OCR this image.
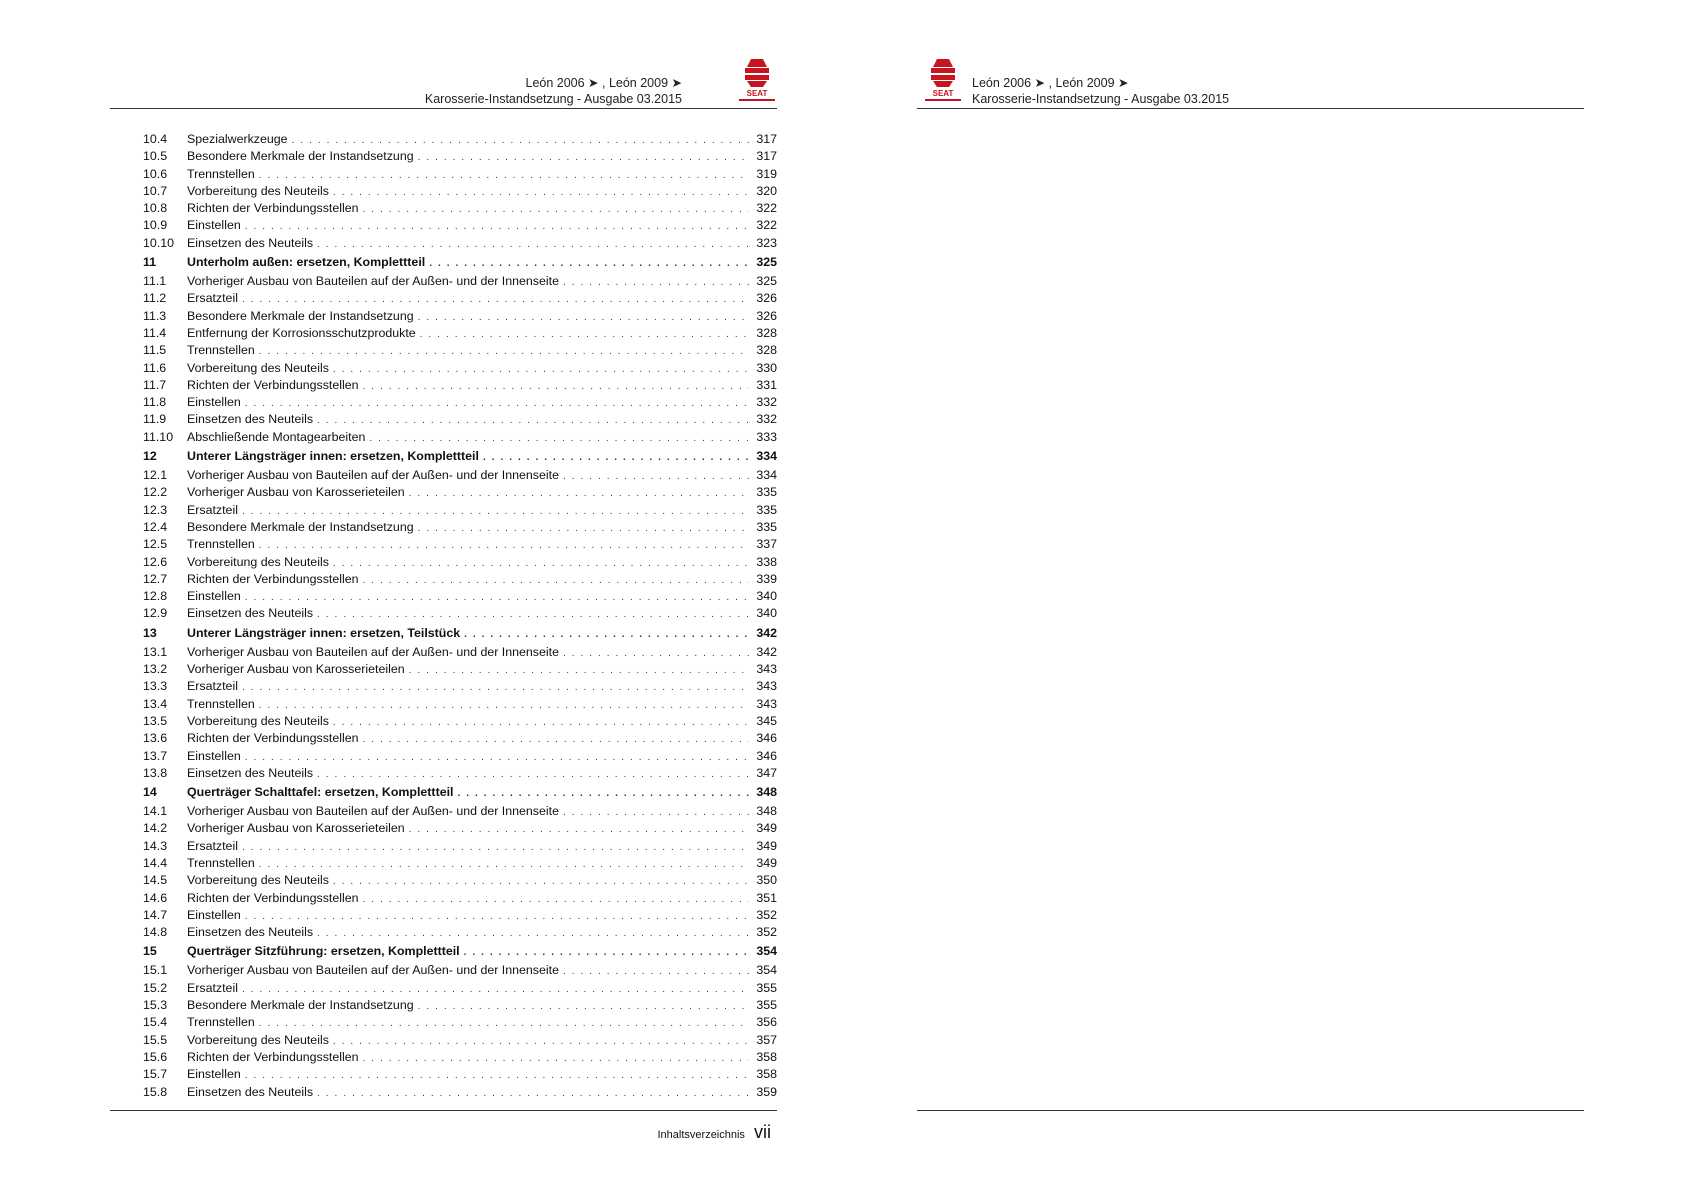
León 2006 ➤ , León 2009 ➤
Karosserie-Instandsetzung - Ausgabe 03.2015	SEAT
10.4	Spezialwerkzeuge . . .	317
10.5	Besondere Merkmale der Instandsetzung . . .	317
10.6	Trennstellen . . .	319
10.7	Vorbereitung des Neuteils . . .	320
10.8	Richten der Verbindungsstellen . . .	322
10.9	Einstellen . . .	322
10.10	Einsetzen des Neuteils . . .	323
11	Unterholm außen: ersetzen, Komplettteil . . .	325
11.1	Vorheriger Ausbau von Bauteilen auf der Außen- und der Innenseite . . .	325
11.2	Ersatzteil . . .	326
11.3	Besondere Merkmale der Instandsetzung . . .	326
11.4	Entfernung der Korrosionsschutzprodukte . . .	328
11.5	Trennstellen . . .	328
11.6	Vorbereitung des Neuteils . . .	330
11.7	Richten der Verbindungsstellen . . .	331
11.8	Einstellen . . .	332
11.9	Einsetzen des Neuteils . . .	332
11.10	Abschließende Montagearbeiten . . .	333
12	Unterer Längsträger innen: ersetzen, Komplettteil . . .	334
12.1	Vorheriger Ausbau von Bauteilen auf der Außen- und der Innenseite . . .	334
12.2	Vorheriger Ausbau von Karosserieteilen . . .	335
12.3	Ersatzteil . . .	335
12.4	Besondere Merkmale der Instandsetzung . . .	335
12.5	Trennstellen . . .	337
12.6	Vorbereitung des Neuteils . . .	338
12.7	Richten der Verbindungsstellen . . .	339
12.8	Einstellen . . .	340
12.9	Einsetzen des Neuteils . . .	340
13	Unterer Längsträger innen: ersetzen, Teilstück . . .	342
13.1	Vorheriger Ausbau von Bauteilen auf der Außen- und der Innenseite . . .	342
13.2	Vorheriger Ausbau von Karosserieteilen . . .	343
13.3	Ersatzteil . . .	343
13.4	Trennstellen . . .	343
13.5	Vorbereitung des Neuteils . . .	345
13.6	Richten der Verbindungsstellen . . .	346
13.7	Einstellen . . .	346
13.8	Einsetzen des Neuteils . . .	347
14	Querträger Schalttafel: ersetzen, Komplettteil . . .	348
14.1	Vorheriger Ausbau von Bauteilen auf der Außen- und der Innenseite . . .	348
14.2	Vorheriger Ausbau von Karosserieteilen . . .	349
14.3	Ersatzteil . . .	349
14.4	Trennstellen . . .	349
14.5	Vorbereitung des Neuteils . . .	350
14.6	Richten der Verbindungsstellen . . .	351
14.7	Einstellen . . .	352
14.8	Einsetzen des Neuteils . . .	352
15	Querträger Sitzführung: ersetzen, Komplettteil . . .	354
15.1	Vorheriger Ausbau von Bauteilen auf der Außen- und der Innenseite . . .	354
15.2	Ersatzteil . . .	355
15.3	Besondere Merkmale der Instandsetzung . . .	355
15.4	Trennstellen . . .	356
15.5	Vorbereitung des Neuteils . . .	357
15.6	Richten der Verbindungsstellen . . .	358
15.7	Einstellen . . .	358
15.8	Einsetzen des Neuteils . . .	359
Inhaltsverzeichnis vii
SEAT
León 2006 ➤ , León 2009 ➤
Karosserie-Instandsetzung - Ausgabe 03.2015
